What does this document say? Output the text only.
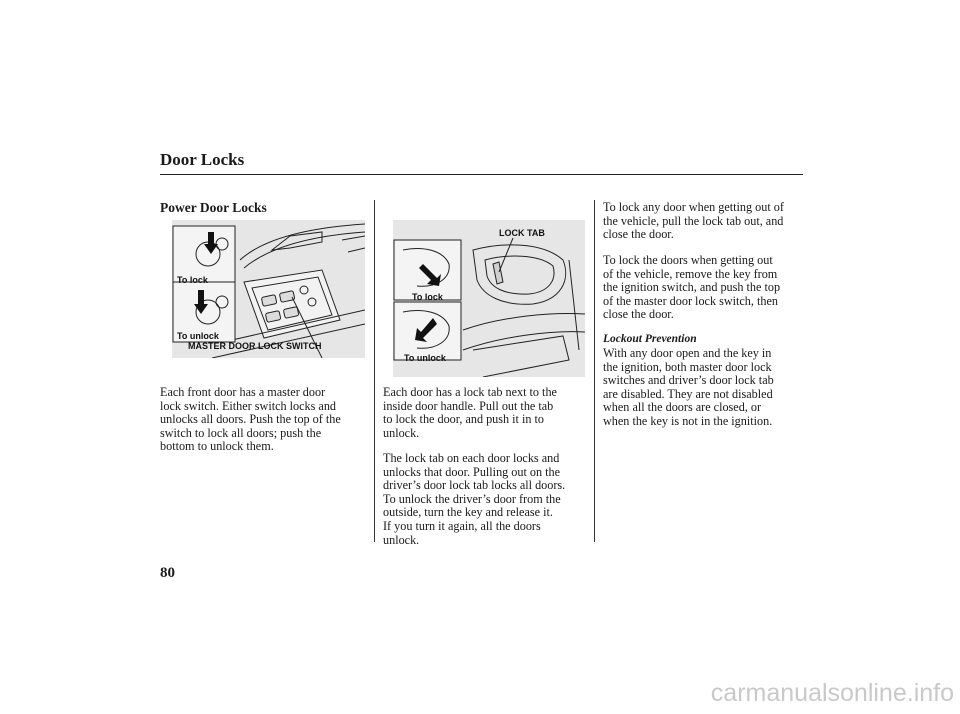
Door Locks
Power Door Locks
To lock
To unlock
MASTER DOOR LOCK SWITCH
LOCK TAB
To lock
To unlock
Each front door has a master door
lock switch. Either switch locks and
unlocks all doors. Push the top of the
switch to lock all doors; push the
bottom to unlock them.
Each door has a lock tab next to the
inside door handle. Pull out the tab
to lock the door, and push it in to
unlock.
The lock tab on each door locks and
unlocks that door. Pulling out on the
driver’s door lock tab locks all doors.
To unlock the driver’s door from the
outside, turn the key and release it.
If you turn it again, all the doors
unlock.
To lock any door when getting out of
the vehicle, pull the lock tab out, and
close the door.
To lock the doors when getting out
of the vehicle, remove the key from
the ignition switch, and push the top
of the master door lock switch, then
close the door.
Lockout Prevention
With any door open and the key in
the ignition, both master door lock
switches and driver’s door lock tab
are disabled. They are not disabled
when all the doors are closed, or
when the key is not in the ignition.
80
carmanualsonline.info
